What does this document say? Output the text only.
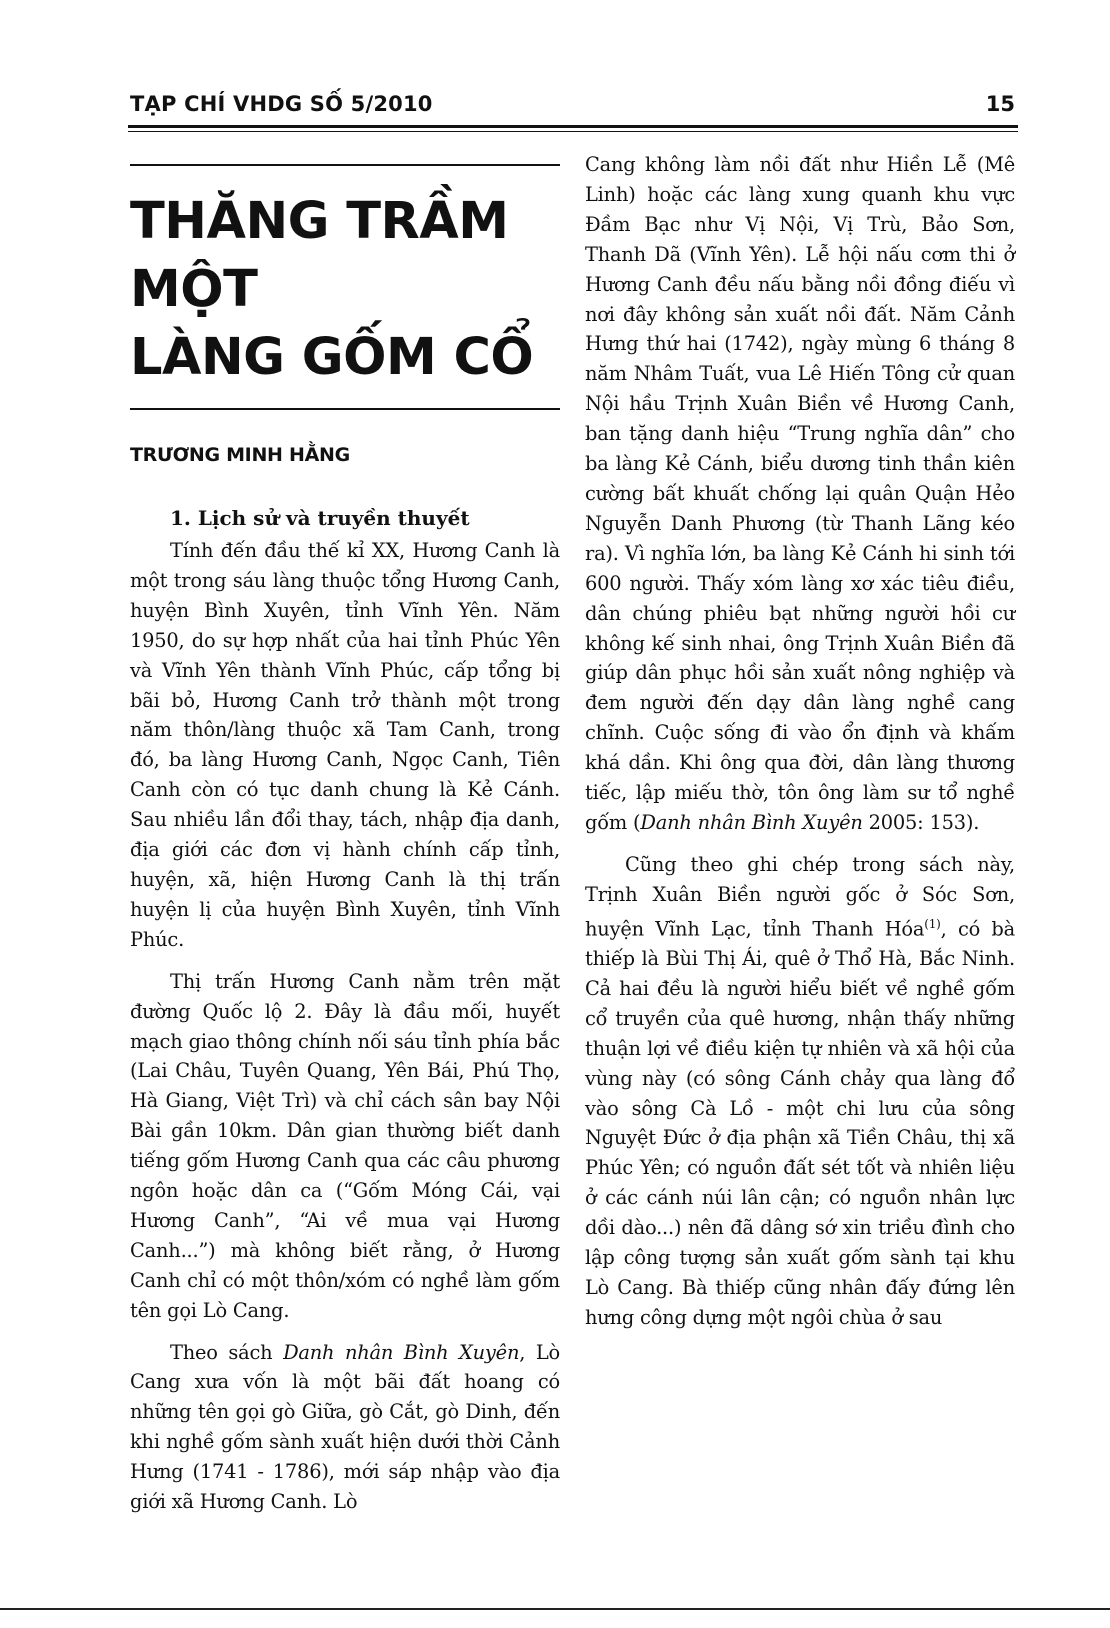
TẠP CHÍ VHDG SỐ 5/2010	15
THĂNG TRẦM MỘT
LÀNG GỐM CỔ
TRƯƠNG MINH HẰNG
1. Lịch sử và truyền thuyết

Tính đến đầu thế kỉ XX, Hương Canh là một trong sáu làng thuộc tổng Hương Canh, huyện Bình Xuyên, tỉnh Vĩnh Yên. Năm 1950, do sự hợp nhất của hai tỉnh Phúc Yên và Vĩnh Yên thành Vĩnh Phúc, cấp tổng bị bãi bỏ, Hương Canh trở thành một trong năm thôn/làng thuộc xã Tam Canh, trong đó, ba làng Hương Canh, Ngọc Canh, Tiên Canh còn có tục danh chung là Kẻ Cánh. Sau nhiều lần đổi thay, tách, nhập địa danh, địa giới các đơn vị hành chính cấp tỉnh, huyện, xã, hiện Hương Canh là thị trấn huyện lị của huyện Bình Xuyên, tỉnh Vĩnh Phúc.

Thị trấn Hương Canh nằm trên mặt đường Quốc lộ 2. Đây là đầu mối, huyết mạch giao thông chính nối sáu tỉnh phía bắc (Lai Châu, Tuyên Quang, Yên Bái, Phú Thọ, Hà Giang, Việt Trì) và chỉ cách sân bay Nội Bài gần 10km. Dân gian thường biết danh tiếng gốm Hương Canh qua các câu phương ngôn hoặc dân ca (“Gốm Móng Cái, vại Hương Canh”, “Ai về mua vại Hương Canh...”) mà không biết rằng, ở Hương Canh chỉ có một thôn/xóm có nghề làm gốm tên gọi Lò Cang.

Theo sách Danh nhân Bình Xuyên, Lò Cang xưa vốn là một bãi đất hoang có những tên gọi gò Giữa, gò Cắt, gò Dinh, đến khi nghề gốm sành xuất hiện dưới thời Cảnh Hưng (1741 - 1786), mới sáp nhập vào địa giới xã Hương Canh. Lò

Cang không làm nồi đất như Hiền Lễ (Mê Linh) hoặc các làng xung quanh khu vực Đầm Bạc như Vị Nội, Vị Trù, Bảo Sơn, Thanh Dã (Vĩnh Yên). Lễ hội nấu cơm thi ở Hương Canh đều nấu bằng nồi đồng điếu vì nơi đây không sản xuất nồi đất. Năm Cảnh Hưng thứ hai (1742), ngày mùng 6 tháng 8 năm Nhâm Tuất, vua Lê Hiến Tông cử quan Nội hầu Trịnh Xuân Biền về Hương Canh, ban tặng danh hiệu “Trung nghĩa dân” cho ba làng Kẻ Cánh, biểu dương tinh thần kiên cường bất khuất chống lại quân Quận Hẻo Nguyễn Danh Phương (từ Thanh Lãng kéo ra). Vì nghĩa lớn, ba làng Kẻ Cánh hi sinh tới 600 người. Thấy xóm làng xơ xác tiêu điều, dân chúng phiêu bạt những người hồi cư không kế sinh nhai, ông Trịnh Xuân Biền đã giúp dân phục hồi sản xuất nông nghiệp và đem người đến dạy dân làng nghề cang chĩnh. Cuộc sống đi vào ổn định và khấm khá dần. Khi ông qua đời, dân làng thương tiếc, lập miếu thờ, tôn ông làm sư tổ nghề gốm (Danh nhân Bình Xuyên 2005: 153).

Cũng theo ghi chép trong sách này, Trịnh Xuân Biền người gốc ở Sóc Sơn, huyện Vĩnh Lạc, tỉnh Thanh Hóa$^{(1)}$, có bà thiếp là Bùi Thị Ái, quê ở Thổ Hà, Bắc Ninh. Cả hai đều là người hiểu biết về nghề gốm cổ truyền của quê hương, nhận thấy những thuận lợi về điều kiện tự nhiên và xã hội của vùng này (có sông Cánh chảy qua làng đổ vào sông Cà Lồ - một chi lưu của sông Nguyệt Đức ở địa phận xã Tiền Châu, thị xã Phúc Yên; có nguồn đất sét tốt và nhiên liệu ở các cánh núi lân cận; có nguồn nhân lực dồi dào...) nên đã dâng sớ xin triều đình cho lập công tượng sản xuất gốm sành tại khu Lò Cang. Bà thiếp cũng nhân đấy đứng lên hưng công dựng một ngôi chùa ở sau
